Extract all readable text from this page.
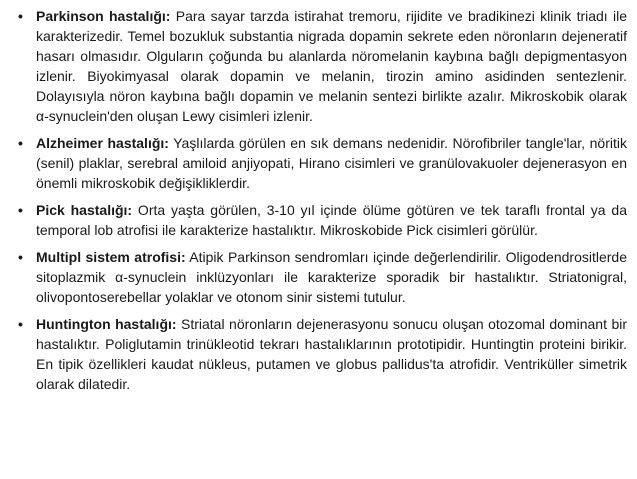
• Parkinson hastalığı: Para sayar tarzda istirahat tremoru, rijidite ve bradikinezi klinik triadı ile karakterizedir. Temel bozukluk substantia nigrada dopamin sekrete eden nöronların dejeneratif hasarı olmasıdır. Olguların çoğunda bu alanlarda nöromelanin kaybına bağlı depigmentasyon izlenir. Biyokimyasal olarak dopamin ve melanin, tirozin amino asidinden sentezlenir. Dolayısıyla nöron kaybına bağlı dopamin ve melanin sentezi birlikte azalır. Mikroskobik olarak α-synuclein'den oluşan Lewy cisimleri izlenir.

• Alzheimer hastalığı: Yaşlılarda görülen en sık demans nedenidir. Nörofibriler tangle'lar, nöritik (senil) plaklar, serebral amiloid anjiyopati, Hirano cisimleri ve granülovakuoler dejenerasyon en önemli mikroskobik değişikliklerdir.

• Pick hastalığı: Orta yaşta görülen, 3-10 yıl içinde ölüme götüren ve tek taraflı frontal ya da temporal lob atrofisi ile karakterize hastalıktır. Mikroskobide Pick cisimleri görülür.

• Multipl sistem atrofisi: Atipik Parkinson sendromları içinde değerlendirilir. Oligodendrositlerde sitoplazmik α-synuclein inklüzyonları ile karakterize sporadik bir hastalıktır. Striatonigral, olivopontoserebellar yolaklar ve otonom sinir sistemi tutulur.

• Huntington hastalığı: Striatal nöronların dejenerasyonu sonucu oluşan otozomal dominant bir hastalıktır. Poliglutamin trinükleotid tekrarı hastalıklarının prototipidir. Huntingtin proteini birikir. En tipik özellikleri kaudat nükleus, putamen ve globus pallidus'ta atrofidir. Ventriküller simetrik olarak dilatedir.
